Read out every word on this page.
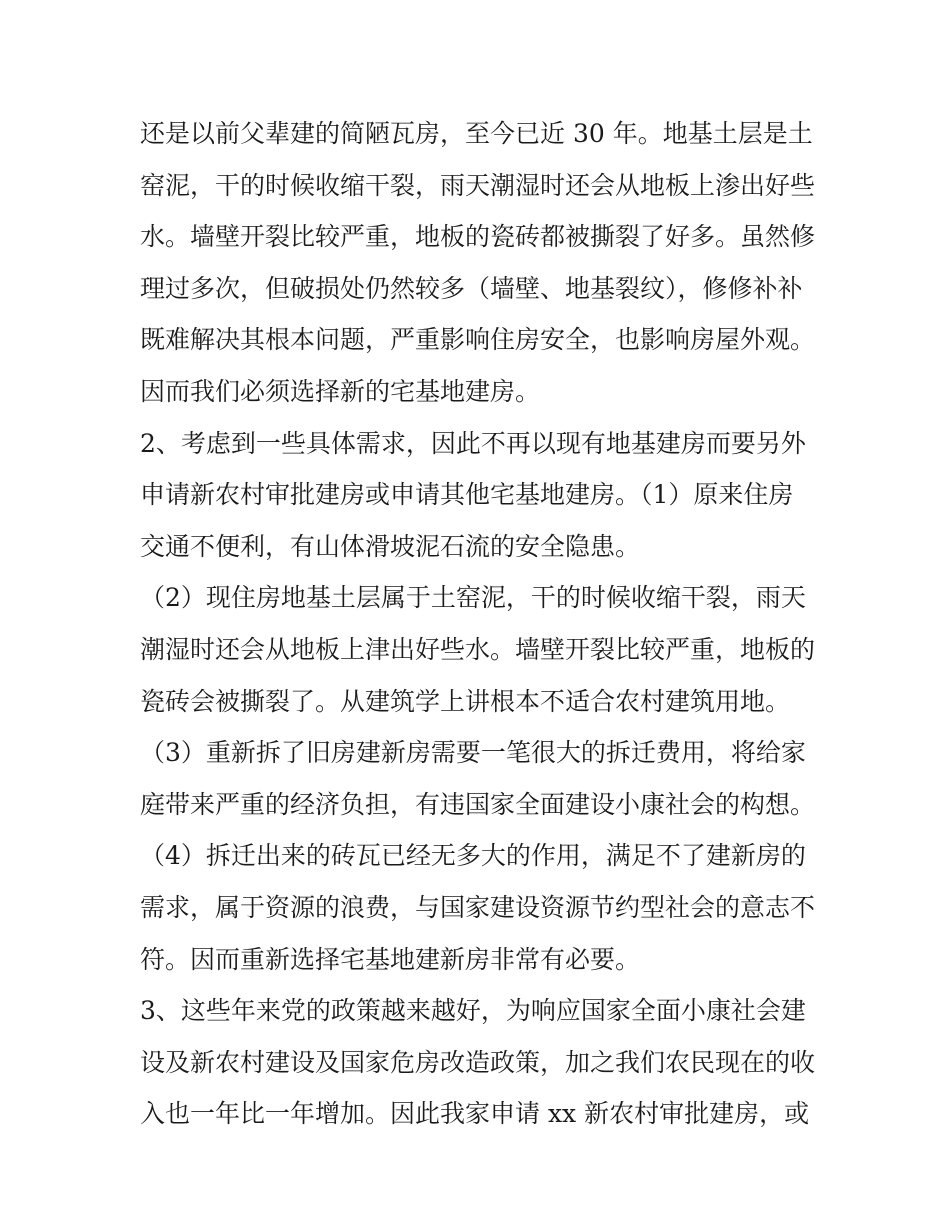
还是以前父辈建的简陋瓦房，至今已近 30 年。地基土层是土
窑泥，干的时候收缩干裂，雨天潮湿时还会从地板上渗出好些
水。墙壁开裂比较严重，地板的瓷砖都被撕裂了好多。虽然修
理过多次，但破损处仍然较多（墙壁、地基裂纹），修修补补
既难解决其根本问题，严重影响住房安全，也影响房屋外观。
因而我们必须选择新的宅基地建房。
2、考虑到一些具体需求，因此不再以现有地基建房而要另外
申请新农村审批建房或申请其他宅基地建房。（1）原来住房
交通不便利，有山体滑坡泥石流的安全隐患。
（2）现住房地基土层属于土窑泥，干的时候收缩干裂，雨天
潮湿时还会从地板上津出好些水。墙壁开裂比较严重，地板的
瓷砖会被撕裂了。从建筑学上讲根本不适合农村建筑用地。
（3）重新拆了旧房建新房需要一笔很大的拆迁费用，将给家
庭带来严重的经济负担，有违国家全面建设小康社会的构想。
（4）拆迁出来的砖瓦已经无多大的作用，满足不了建新房的
需求，属于资源的浪费，与国家建设资源节约型社会的意志不
符。因而重新选择宅基地建新房非常有必要。
3、这些年来党的政策越来越好，为响应国家全面小康社会建
设及新农村建设及国家危房改造政策，加之我们农民现在的收
入也一年比一年增加。因此我家申请 xx 新农村审批建房，或
